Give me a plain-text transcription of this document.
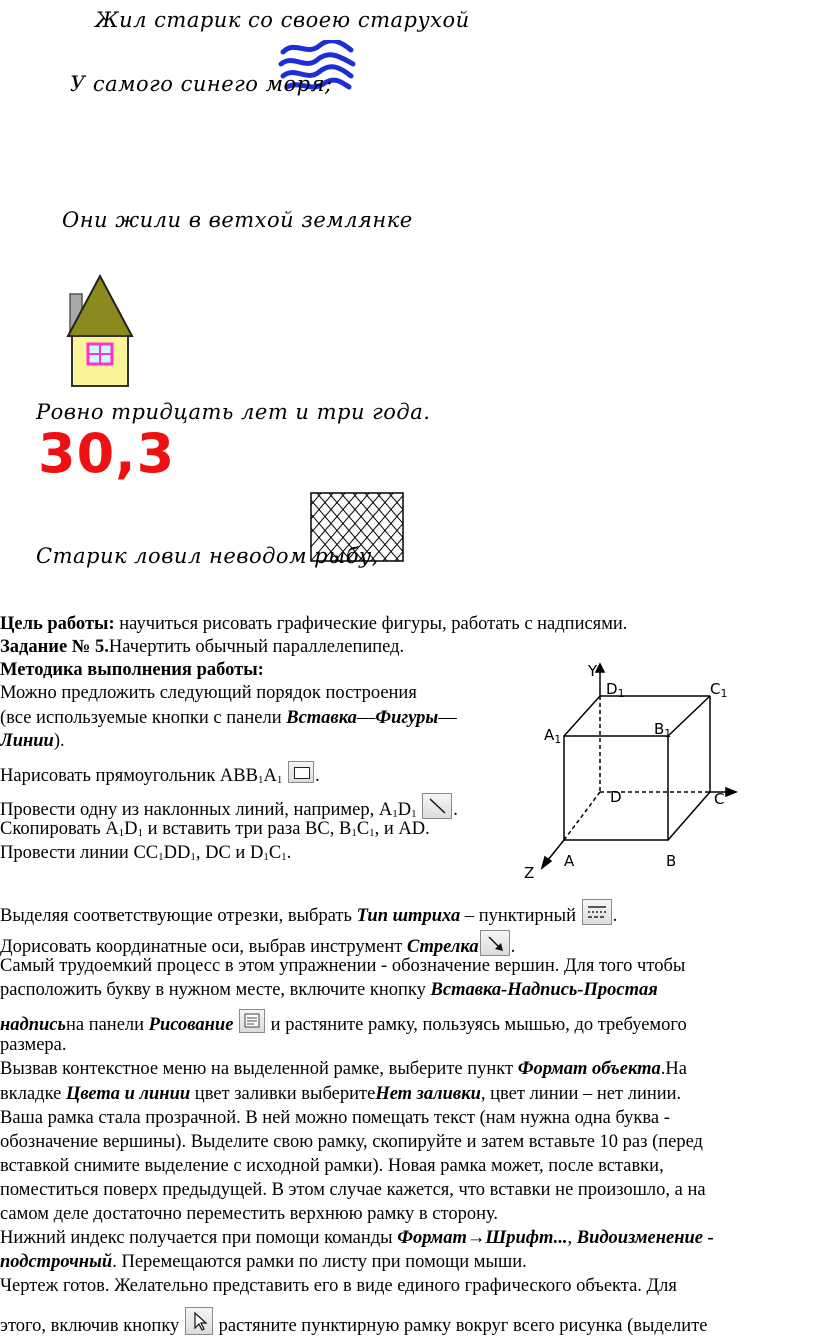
Жил старик со своею старухой
У самого синего моря;
Они жили в ветхой землянке
Ровно тридцать лет и три года.
30,3
Старик ловил неводом рыбу,
Y
$D_1$	$C_1$
$A_1$
$B_1$
D	C
A	B
Z
Цель работы: научиться рисовать графические фигуры, работать с надписями.
Задание № 5.Начертить обычный параллелепипед.
Методика выполнения работы:
Можно предложить следующий порядок построения
(все используемые кнопки с панели Вставка—Фигуры—
Линии).
Нарисовать прямоугольник $ABB_1A_1$ .
Провести одну из наклонных линий, например, $A_1D_1$ .
Скопировать $A_1D_1$ и вставить три раза ВС, $В_1С_1$, и AD.
Провести линии $CC_1DD_1$, DC и $D_1C_1$.
Выделяя соответствующие отрезки, выбрать Тип штриха – пунктирный
.
Дорисовать координатные оси, выбрав инструмент Стрелка .
Самый трудоемкий процесс в этом упражнении - обозначение вершин. Для того чтобы
расположить букву в нужном месте, включите кнопку Вставка-Надпись-Простая
надписьна панели Рисование
и растяните рамку, пользуясь мышью, до требуемого
размера.
Вызвав контекстное меню на выделенной рамке, выберите пункт Формат объекта.На
вкладке Цвета и линии цвет заливки выберитеНет заливки, цвет линии – нет линии.
Ваша рамка стала прозрачной. В ней можно помещать текст (нам нужна одна буква -
обозначение вершины). Выделите свою рамку, скопируйте и затем вставьте 10 раз (перед
вставкой снимите выделение с исходной рамки). Новая рамка может, после вставки,
поместиться поверх предыдущей. В этом случае кажется, что вставки не произошло, а на
самом деле достаточно переместить верхнюю рамку в сторону.
Нижний индекс получается при помощи команды Формат→Шрифт..., Видоизменение -
подстрочный. Перемещаются рамки по листу при помощи мыши.
Чертеж готов. Желательно представить его в виде единого графического объекта. Для
этого, включив кнопку
растяните пунктирную рамку вокруг всего рисунка (выделите
